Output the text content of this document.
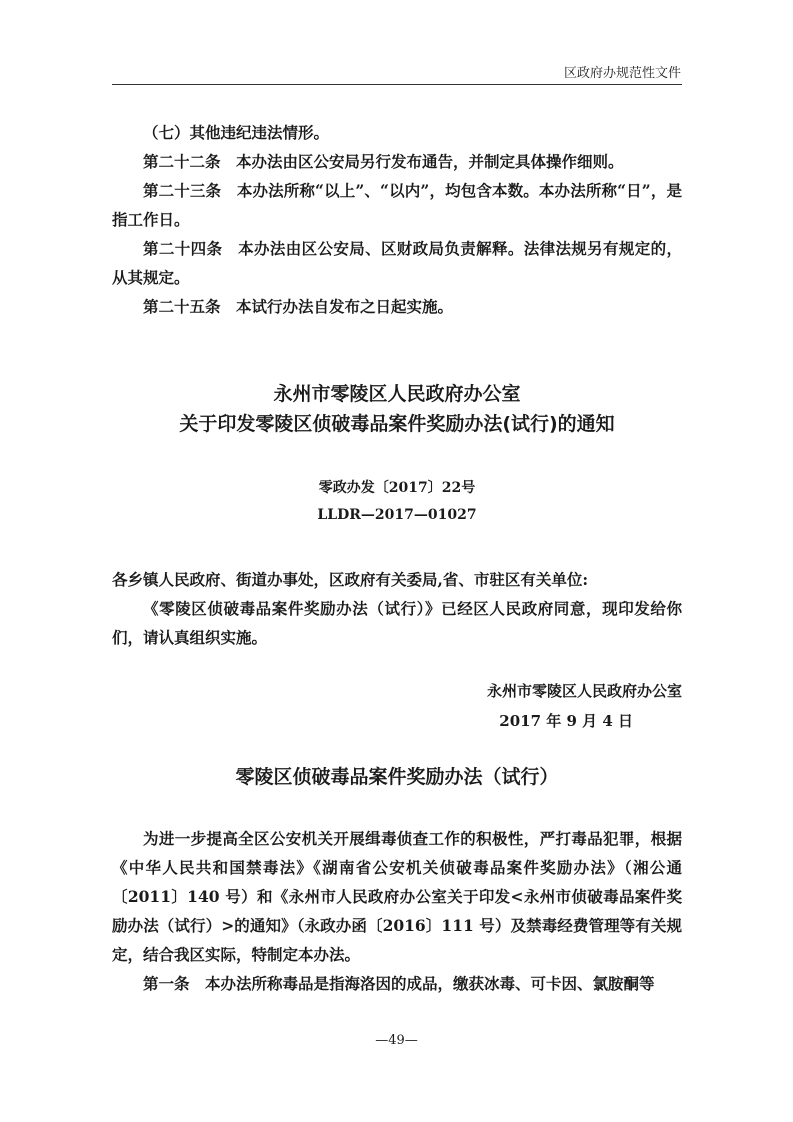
区政府办规范性文件

（七）其他违纪违法情形。

第二十二条　本办法由区公安局另行发布通告，并制定具体操作细则。

第二十三条　本办法所称“以上”、“以内”，均包含本数。本办法所称“日”，是指工作日。

第二十四条　本办法由区公安局、区财政局负责解释。法律法规另有规定的，从其规定。

第二十五条　本试行办法自发布之日起实施。

永州市零陵区人民政府办公室
关于印发零陵区侦破毒品案件奖励办法(试行)的通知
零政办发〔2017〕22号
LLDR—2017—01027

各乡镇人民政府、街道办事处，区政府有关委局,省、市驻区有关单位:

《零陵区侦破毒品案件奖励办法（试行）》已经区人民政府同意，现印发给你们，请认真组织实施。

永州市零陵区人民政府办公室
2017 年 9 月 4 日
零陵区侦破毒品案件奖励办法（试行）

为进一步提高全区公安机关开展缉毒侦查工作的积极性，严打毒品犯罪，根据《中华人民共和国禁毒法》《湖南省公安机关侦破毒品案件奖励办法》（湘公通〔2011〕140 号）和《永州市人民政府办公室关于印发<永州市侦破毒品案件奖励办法（试行）>的通知》（永政办函〔2016〕111 号）及禁毒经费管理等有关规定，结合我区实际，特制定本办法。

第一条　本办法所称毒品是指海洛因的成品，缴获冰毒、可卡因、氯胺酮等

—49—
